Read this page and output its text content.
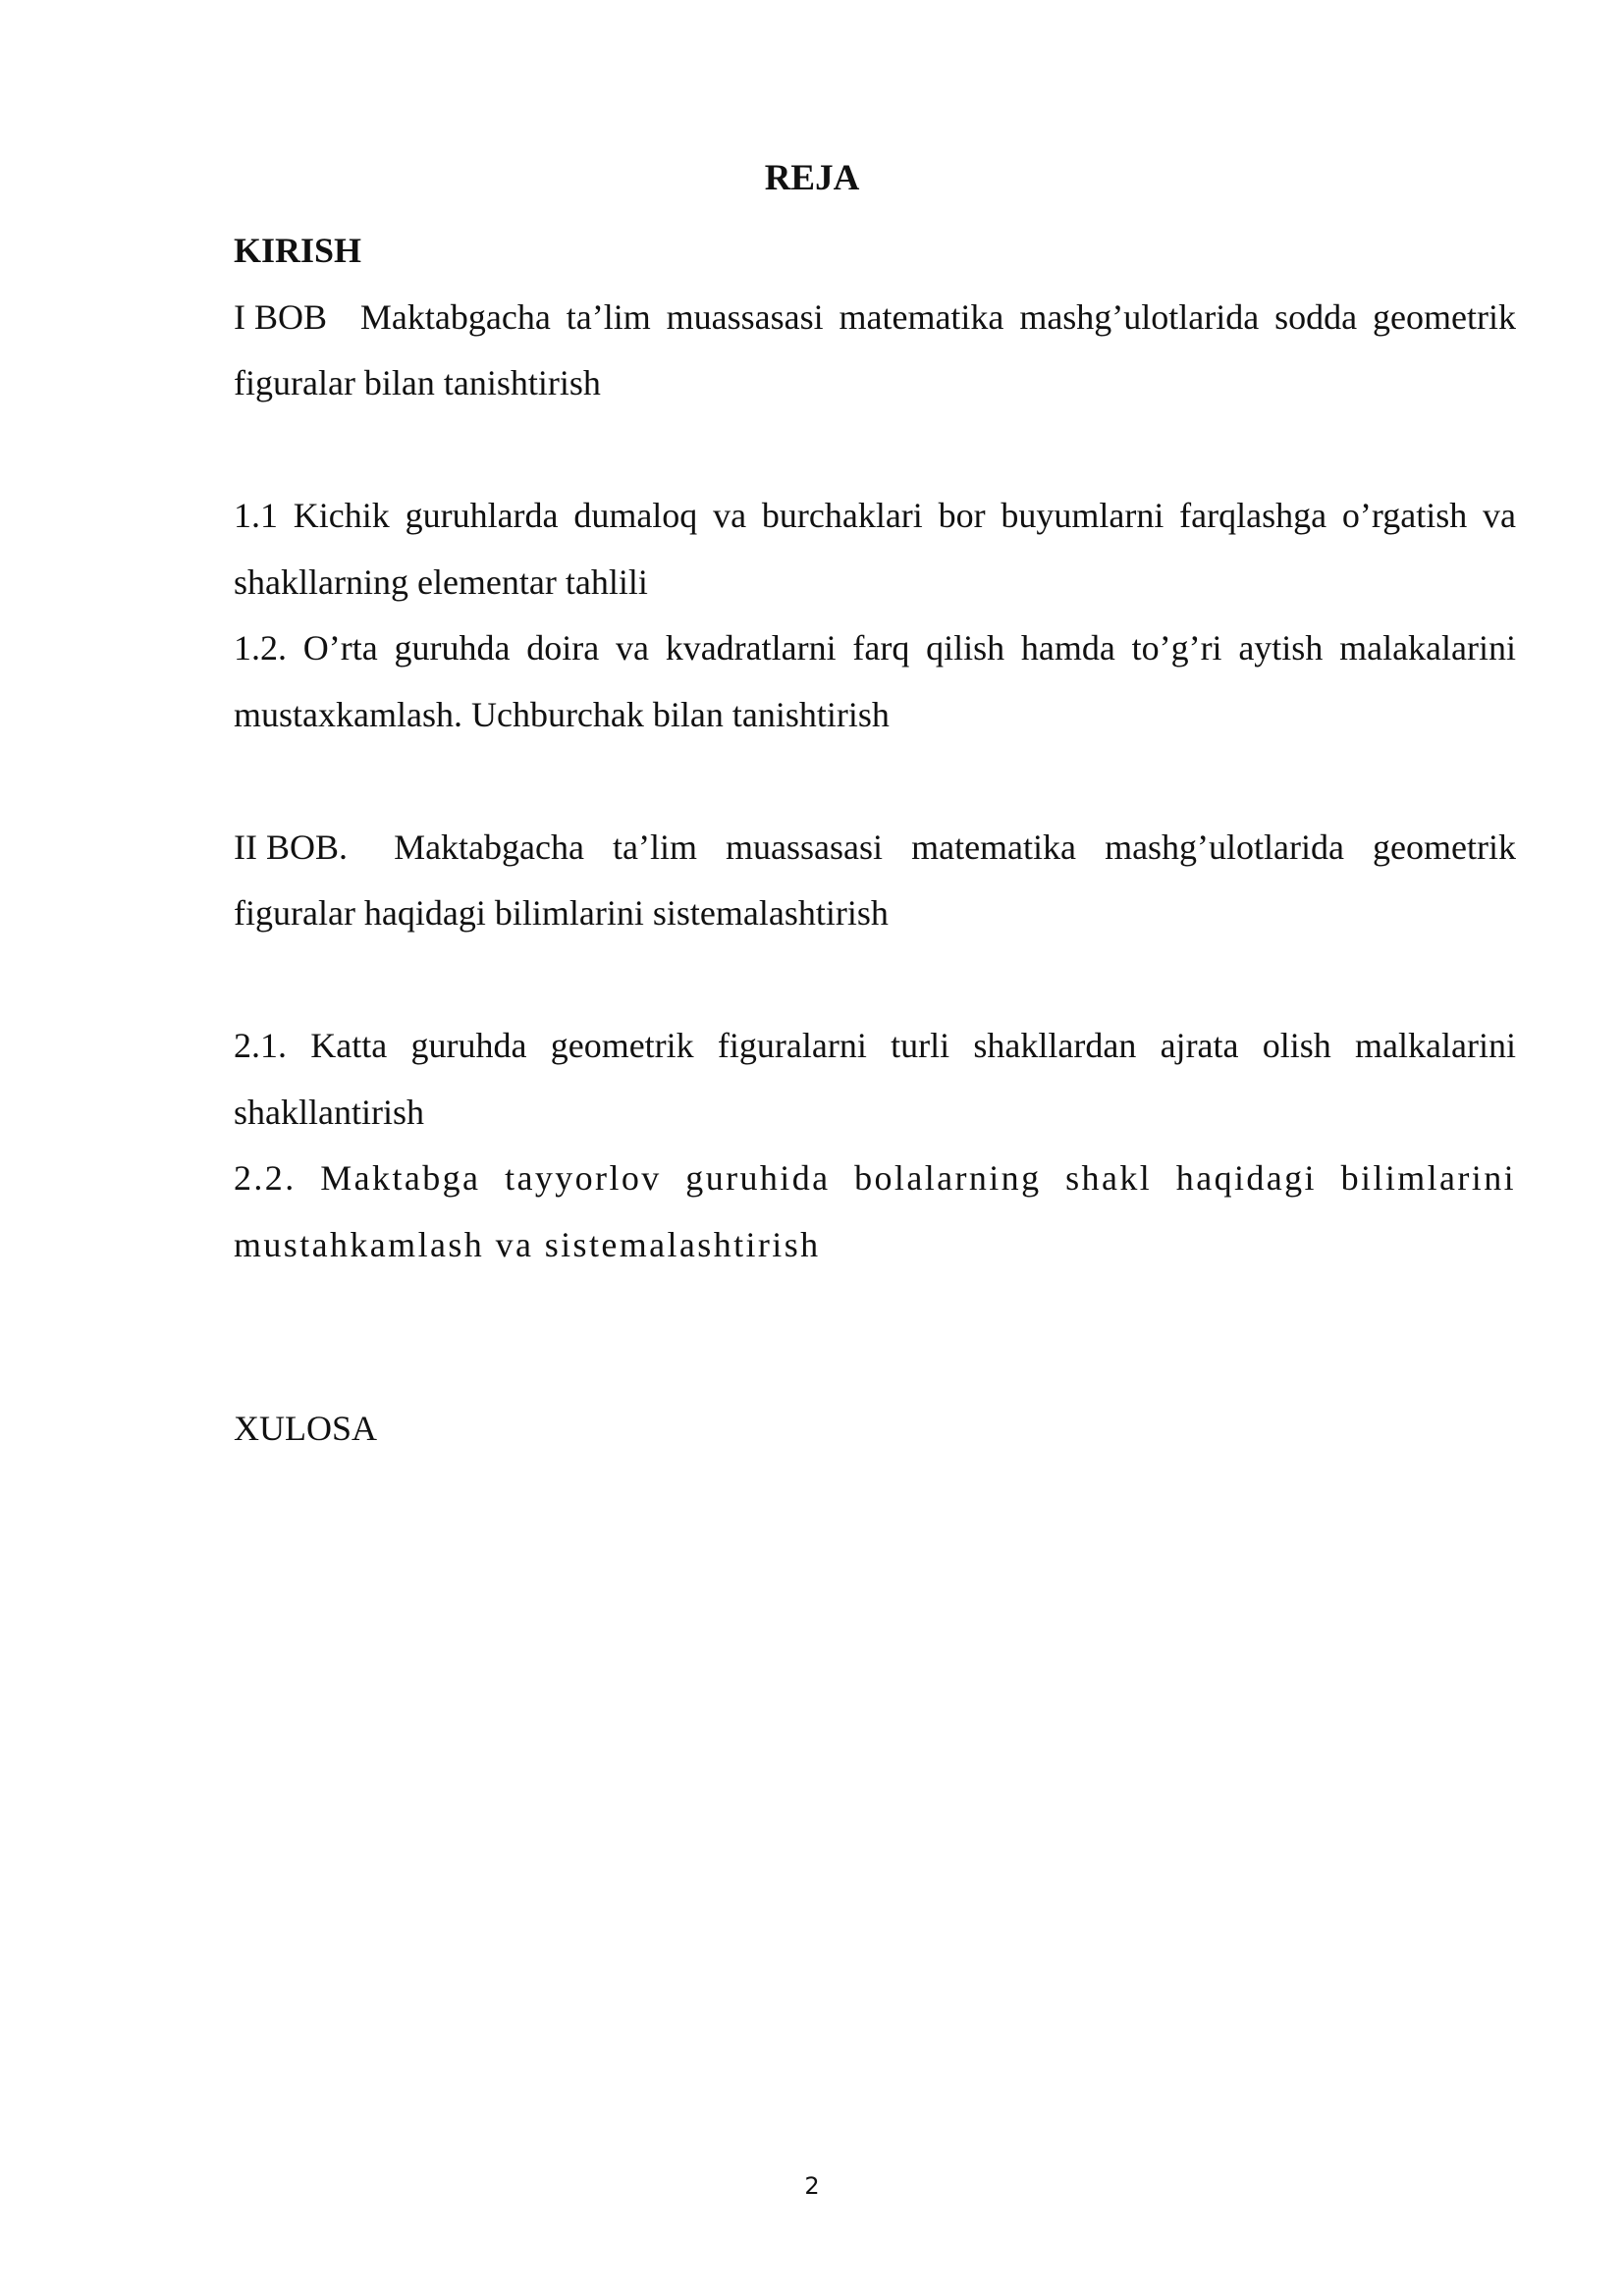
REJA

KIRISH

I BOB Maktabgacha ta’lim muassasasi matematika mashg’ulotlarida sodda geometrik figuralar bilan tanishtirish

1.1 Kichik guruhlarda dumaloq va burchaklari bor buyumlarni farqlashga o’rgatish va shakllarning elementar tahlili

1.2. O’rta guruhda doira va kvadratlarni farq qilish hamda to’g’ri aytish malakalarini mustaxkamlash. Uchburchak bilan tanishtirish

II BOB. Maktabgacha ta’lim muassasasi matematika mashg’ulotlarida geometrik figuralar haqidagi bilimlarini sistemalashtirish

2.1. Katta guruhda geometrik figuralarni turli shakllardan ajrata olish malkalarini shakllantirish

2.2. Maktabga tayyorlov guruhida bolalarning shakl haqidagi bilimlarini mustahkamlash va sistemalashtirish

XULOSA

2
